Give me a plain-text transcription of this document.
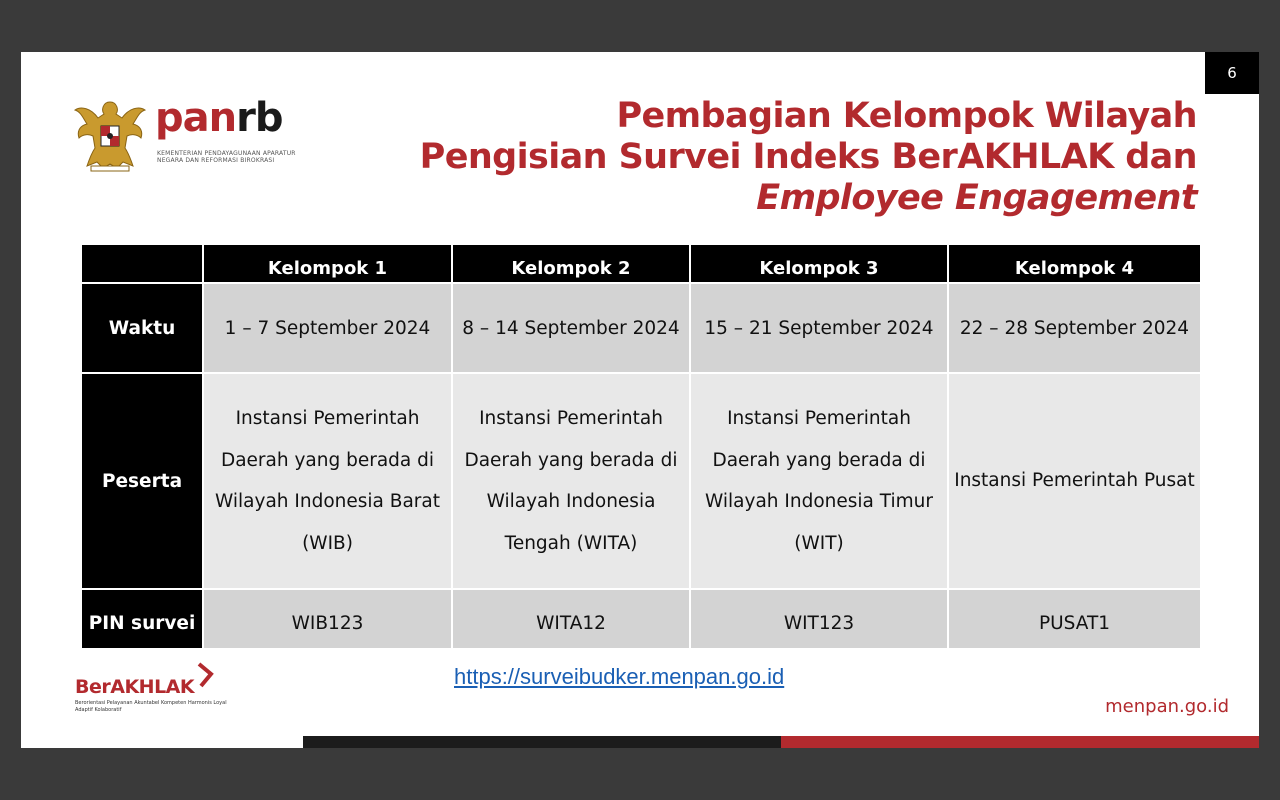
6
panrb
KEMENTERIAN PENDAYAGUNAAN APARATUR NEGARA DAN REFORMASI BIROKRASI
Pembagian Kelompok Wilayah
Pengisian Survei Indeks BerAKHLAK dan
Employee Engagement
	Kelompok 1	Kelompok 2	Kelompok 3	Kelompok 4
Waktu	1 – 7 September 2024	8 – 14 September 2024	15 – 21 September 2024	22 – 28 September 2024
Peserta	Instansi Pemerintah Daerah yang berada di Wilayah Indonesia Barat (WIB)	Instansi Pemerintah Daerah yang berada di Wilayah Indonesia Tengah (WITA)	Instansi Pemerintah Daerah yang berada di Wilayah Indonesia Timur (WIT)	Instansi Pemerintah Pusat
PIN survei	WIB123	WITA12	WIT123	PUSAT1
https://surveibudker.menpan.go.id
BerAKHLAK
Berorientasi Pelayanan Akuntabel Kompeten Harmonis Loyal Adaptif Kolaboratif	menpan.go.id
